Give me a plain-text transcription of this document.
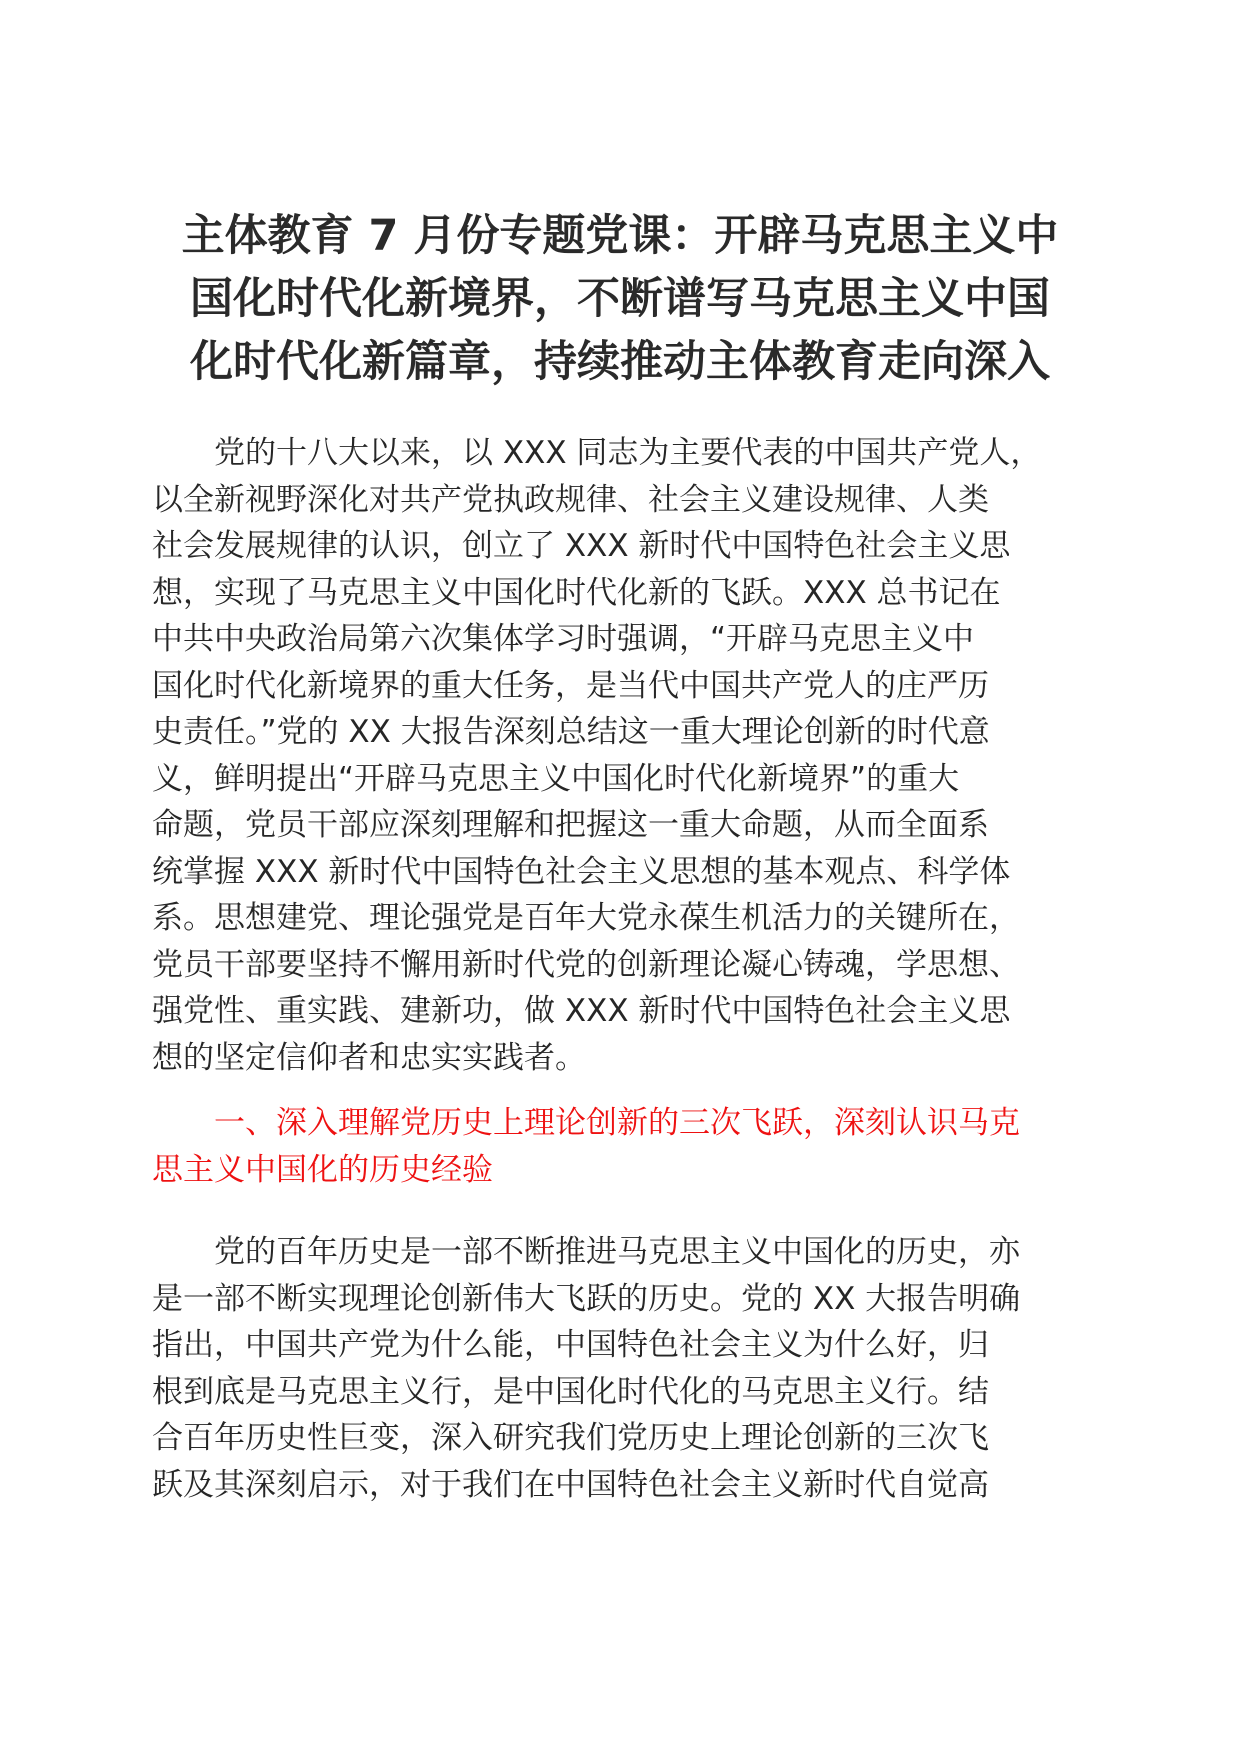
主体教育 7 月份专题党课：开辟马克思主义中
国化时代化新境界，不断谱写马克思主义中国
化时代化新篇章，持续推动主体教育走向深入

　　党的十八大以来，以 XXX 同志为主要代表的中国共产党人，
以全新视野深化对共产党执政规律、社会主义建设规律、人类
社会发展规律的认识，创立了 XXX 新时代中国特色社会主义思
想，实现了马克思主义中国化时代化新的飞跃。XXX 总书记在
中共中央政治局第六次集体学习时强调，“开辟马克思主义中
国化时代化新境界的重大任务，是当代中国共产党人的庄严历
史责任。”党的 XX 大报告深刻总结这一重大理论创新的时代意
义，鲜明提出“开辟马克思主义中国化时代化新境界”的重大
命题，党员干部应深刻理解和把握这一重大命题，从而全面系
统掌握 XXX 新时代中国特色社会主义思想的基本观点、科学体
系。思想建党、理论强党是百年大党永葆生机活力的关键所在，
党员干部要坚持不懈用新时代党的创新理论凝心铸魂，学思想、
强党性、重实践、建新功，做 XXX 新时代中国特色社会主义思
想的坚定信仰者和忠实实践者。

　　一、深入理解党历史上理论创新的三次飞跃，深刻认识马克
思主义中国化的历史经验

　　党的百年历史是一部不断推进马克思主义中国化的历史，亦
是一部不断实现理论创新伟大飞跃的历史。党的 XX 大报告明确
指出，中国共产党为什么能，中国特色社会主义为什么好，归
根到底是马克思主义行，是中国化时代化的马克思主义行。结
合百年历史性巨变，深入研究我们党历史上理论创新的三次飞
跃及其深刻启示，对于我们在中国特色社会主义新时代自觉高
